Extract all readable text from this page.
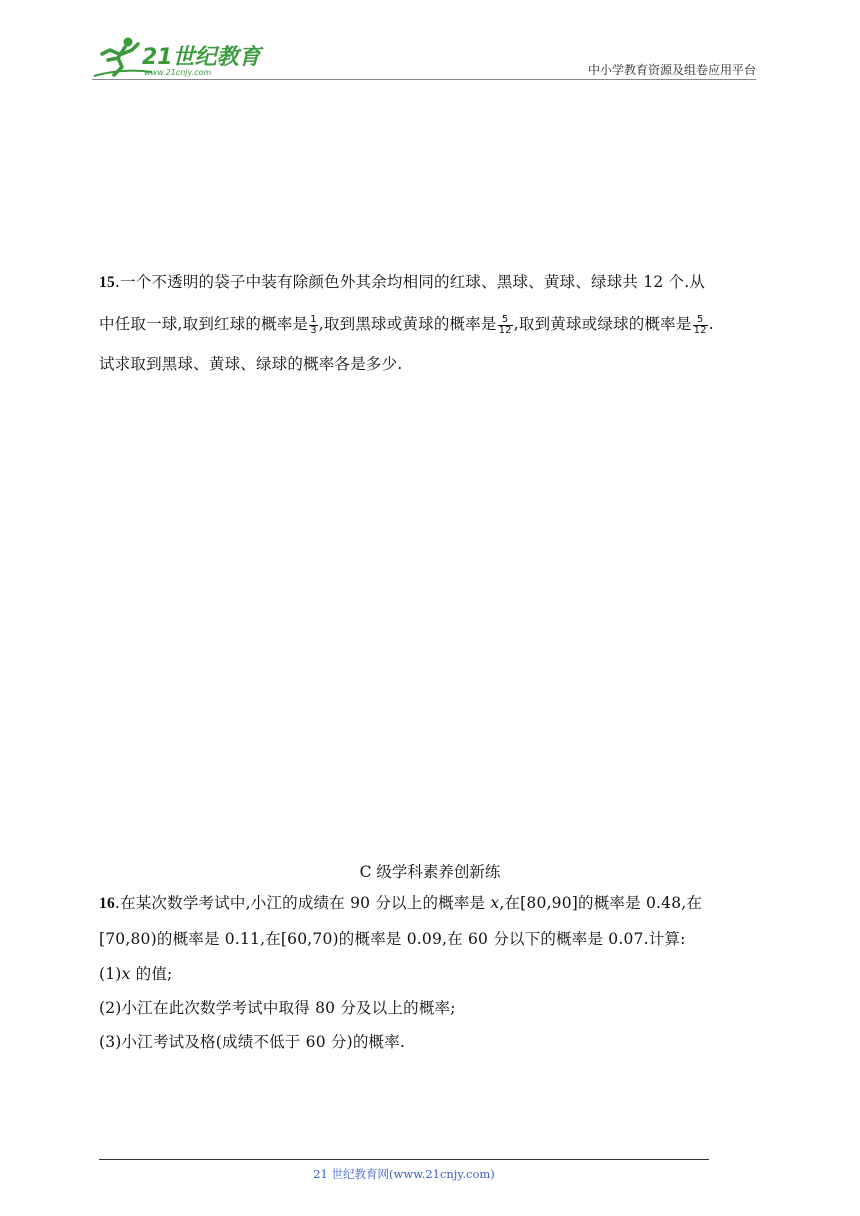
21世纪教育
www.21cnjy.com	中小学教育资源及组卷应用平台
15.一个不透明的袋子中装有除颜色外其余均相同的红球、黑球、黄球、绿球共 12 个.从
中任取一球,取到红球的概率是 $\frac{1}{3}$ ,取到黑球或黄球的概率是 $\frac{5}{12}$ ,取到黄球或绿球的概率是 $\frac{5}{12}$ .
试求取到黑球、黄球、绿球的概率各是多少.
C 级学科素养创新练
16.在某次数学考试中,小江的成绩在 90 分以上的概率是 x,在[80,90]的概率是 0.48,在
[70,80)的概率是 0.11,在[60,70)的概率是 0.09,在 60 分以下的概率是 0.07.计算:
(1)x 的值;
(2)小江在此次数学考试中取得 80 分及以上的概率;
(3)小江考试及格(成绩不低于 60 分)的概率.
21 世纪教育网(www.21cnjy.com)
